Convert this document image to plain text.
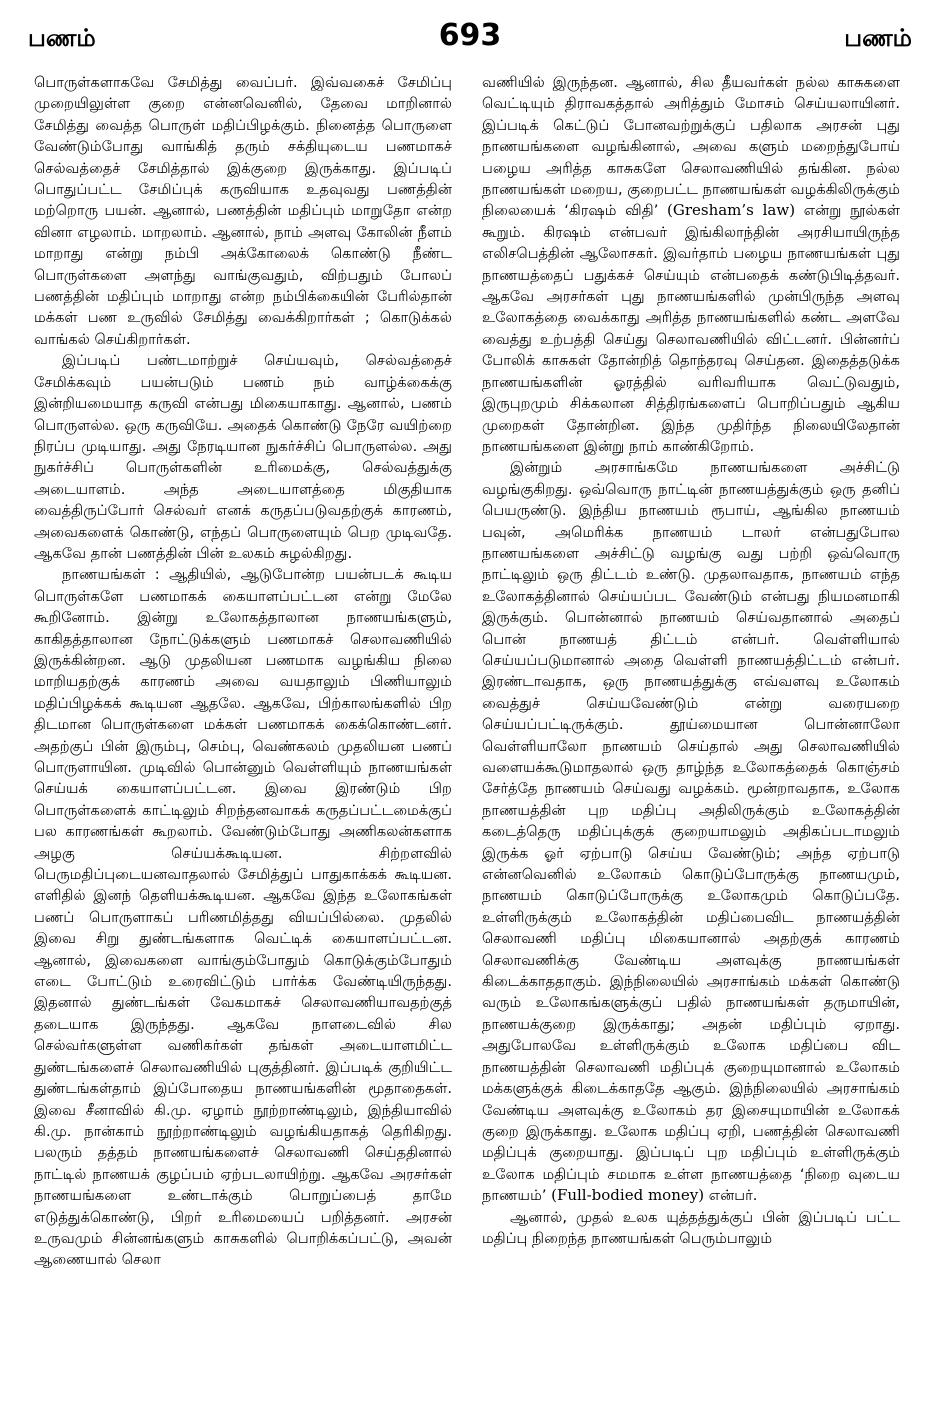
பணம்	693	பணம்

பொருள்களாகவே சேமித்து வைப்பர். இவ்வகைச் சேமிப்பு முறையிலுள்ள குறை என்னவெனில், தேவை மாறினால் சேமித்து வைத்த பொருள் மதிப்பிழக்கும். நினைத்த பொருளை வேண்டும்போது வாங்கித் தரும் சக்தியுடைய பணமாகச் செல்வத்தைச் சேமித்தால் இக்குறை இருக்காது. இப்படிப் பொதுப்பட்ட சேமிப்புக் கருவியாக உதவுவது பணத்தின் மற்றொரு பயன். ஆனால், பணத்தின் மதிப்பும் மாறுதோ என்ற வினா எழலாம். மாறலாம். ஆனால், நாம் அளவு கோலின் நீளம் மாறாது என்று நம்பி அக்கோலைக் கொண்டு நீண்ட பொருள்களை அளந்து வாங்குவதும், விற்பதும் போலப் பணத்தின் மதிப்பும் மாறாது என்ற நம்பிக்கையின் பேரில்தான் மக்கள் பண உருவில் சேமித்து வைக்கிறார்கள் ; கொடுக்கல் வாங்கல் செய்கிறார்கள்.

இப்படிப் பண்டமாற்றுச் செய்யவும், செல்வத்தைச் சேமிக்கவும் பயன்படும் பணம் நம் வாழ்க்கைக்கு இன்றியமையாத கருவி என்பது மிகையாகாது. ஆனால், பணம் பொருளல்ல. ஒரு கருவியே. அதைக் கொண்டு நேரே வயிற்றை நிரப்ப முடியாது. அது நேரடியான நுகர்ச்சிப் பொருளல்ல. அது நுகர்ச்சிப் பொருள்களின் உரிமைக்கு, செல்வத்துக்கு அடையாளம். அந்த அடையாளத்தை மிகுதியாக வைத்திருப்போர் செல்வர் எனக் கருதப்படுவதற்குக் காரணம், அவைகளைக் கொண்டு, எந்தப் பொருளையும் பெற முடிவதே. ஆகவே தான் பணத்தின் பின் உலகம் சுழல்கிறது.

நாணயங்கள் : ஆதியில், ஆடுபோன்ற பயன்படக் கூடிய பொருள்களே பணமாகக் கையாளப்பட்டன என்று மேலே கூறினோம். இன்று உலோகத்தாலான நாணயங்களும், காகிதத்தாலான நோட்டுக்களும் பணமாகச் செலாவணியில் இருக்கின்றன. ஆடு முதலியன பணமாக வழங்கிய நிலை மாறியதற்குக் காரணம் அவை வயதாலும் பிணியாலும் மதிப்பிழக்கக் கூடியன ஆதலே. ஆகவே, பிற்காலங்களில் பிற திடமான பொருள்களை மக்கள் பணமாகக் கைக்கொண்டனர். அதற்குப் பின் இரும்பு, செம்பு, வெண்கலம் முதலியன பணப் பொருளாயின. முடிவில் பொன்னும் வெள்ளியும் நாணயங்கள் செய்யக் கையாளப்பட்டன. இவை இரண்டும் பிற பொருள்களைக் காட்டிலும் சிறந்தனவாகக் கருதப்பட்டமைக்குப் பல காரணங்கள் கூறலாம். வேண்டும்போது அணிகலன்களாக அழகு செய்யக்கூடியன. சிற்றளவில் பெருமதிப்புடையனவாதலால் சேமித்துப் பாதுகாக்கக் கூடியன. எளிதில் இனந் தெளியக்கூடியன. ஆகவே இந்த உலோகங்கள் பணப் பொருளாகப் பரிணமித்தது வியப்பில்லை. முதலில் இவை சிறு துண்டங்களாக வெட்டிக் கையாளப்பட்டன. ஆனால், இவைகளை வாங்கும்போதும் கொடுக்கும்போதும் எடை போட்டும் உரைவிட்டும் பார்க்க வேண்டியிருந்தது. இதனால் துண்டங்கள் வேகமாகச் செலாவணியாவதற்குத் தடையாக இருந்தது. ஆகவே நாளடைவில் சில செல்வர்களுள்ள வணிகர்கள் தங்கள் அடையாளமிட்ட துண்டங்களைச் செலாவணியில் புகுத்தினர். இப்படிக் குறியிட்ட துண்டங்கள்தாம் இப்போதைய நாணயங்களின் மூதாதைகள். இவை சீனாவில் கி.மு. ஏழாம் நூற்றாண்டிலும், இந்தியாவில் கி.மு. நான்காம் நூற்றாண்டிலும் வழங்கியதாகத் தெரிகிறது. பலரும் தத்தம் நாணயங்களைச் செலாவணி செய்ததினால் நாட்டில் நாணயக் குழப்பம் ஏற்படலாயிற்று. ஆகவே அரசர்கள் நாணயங்களை உண்டாக்கும் பொறுப்பைத் தாமே எடுத்துக்கொண்டு, பிறர் உரிமையைப் பறித்தனர். அரசன் உருவமும் சின்னங்களும் காசுகளில் பொறிக்கப்பட்டு, அவன் ஆணையால் செலா

வணியில் இருந்தன. ஆனால், சில தீயவர்கள் நல்ல காசுகளை வெட்டியும் திராவகத்தால் அரித்தும் மோசம் செய்யலாயினர். இப்படிக் கெட்டுப் போனவற்றுக்குப் பதிலாக அரசன் புது நாணயங்களை வழங்கினால், அவை களும் மறைந்துபோய் பழைய அரித்த காசுகளே செலாவணியில் தங்கின. நல்ல நாணயங்கள் மறைய, குறைபட்ட நாணயங்கள் வழக்கிலிருக்கும் நிலையைக் ‘கிரஷம் விதி’ (Gresham’s law) என்று நூல்கள் கூறும். கிரஷம் என்பவர் இங்கிலாந்தின் அரசியாயிருந்த எலிசபெத்தின் ஆலோசகர். இவர்தாம் பழைய நாணயங்கள் புது நாணயத்தைப் பதுக்கச் செய்யும் என்பதைக் கண்டுபிடித்தவர். ஆகவே அரசர்கள் புது நாணயங்களில் முன்பிருந்த அளவு உலோகத்தை வைக்காது அரித்த நாணயங்களில் கண்ட அளவே வைத்து உற்பத்தி செய்து செலாவணியில் விட்டனர். பின்னர்ப் போலிக் காசுகள் தோன்றித் தொந்தரவு செய்தன. இதைத்தடுக்க நாணயங்களின் ஓரத்தில் வரிவரியாக வெட்டுவதும், இருபுறமும் சிக்கலான சித்திரங்களைப் பொறிப்பதும் ஆகிய முறைகள் தோன்றின. இந்த முதிர்ந்த நிலையிலேதான் நாணயங்களை இன்று நாம் காண்கிறோம்.

இன்றும் அரசாங்கமே நாணயங்களை அச்சிட்டு வழங்குகிறது. ஒவ்வொரு நாட்டின் நாணயத்துக்கும் ஒரு தனிப் பெயருண்டு. இந்திய நாணயம் ரூபாய், ஆங்கில நாணயம் பவுன், அமெரிக்க நாணயம் டாலர் என்பதுபோல நாணயங்களை அச்சிட்டு வழங்கு வது பற்றி ஒவ்வொரு நாட்டிலும் ஒரு திட்டம் உண்டு. முதலாவதாக, நாணயம் எந்த உலோகத்தினால் செய்யப்பட வேண்டும் என்பது நியமனமாகி இருக்கும். பொன்னால் நாணயம் செய்வதானால் அதைப் பொன் நாணயத் திட்டம் என்பர். வெள்ளியால் செய்யப்படுமானால் அதை வெள்ளி நாணயத்திட்டம் என்பர். இரண்டாவதாக, ஒரு நாணயத்துக்கு எவ்வளவு உலோகம் வைத்துச் செய்யவேண்டும் என்று வரையறை செய்யப்பட்டிருக்கும். தூய்மையான பொன்னாலோ வெள்ளியாலோ நாணயம் செய்தால் அது செலாவணியில் வளையக்கூடுமாதலால் ஒரு தாழ்ந்த உலோகத்தைக் கொஞ்சம் சேர்த்தே நாணயம் செய்வது வழக்கம். மூன்றாவதாக, உலோக நாணயத்தின் புற மதிப்பு அதிலிருக்கும் உலோகத்தின் கடைத்தெரு மதிப்புக்குக் குறையாமலும் அதிகப்படாமலும் இருக்க ஓர் ஏற்பாடு செய்ய வேண்டும்; அந்த ஏற்பாடு என்னவெனில் உலோகம் கொடுப்போருக்கு நாணயமும், நாணயம் கொடுப்போருக்கு உலோகமும் கொடுப்பதே. உள்ளிருக்கும் உலோகத்தின் மதிப்பைவிட நாணயத்தின் செலாவணி மதிப்பு மிகையானால் அதற்குக் காரணம் செலாவணிக்கு வேண்டிய அளவுக்கு நாணயங்கள் கிடைக்காததாகும். இந்நிலையில் அரசாங்கம் மக்கள் கொண்டு வரும் உலோகங்களுக்குப் பதில் நாணயங்கள் தருமாயின், நாணயக்குறை இருக்காது; அதன் மதிப்பும் ஏறாது. அதுபோலவே உள்ளிருக்கும் உலோக மதிப்பை விட நாணயத்தின் செலாவணி மதிப்புக் குறையுமானால் உலோகம் மக்களுக்குக் கிடைக்காததே ஆகும். இந்நிலையில் அரசாங்கம் வேண்டிய அளவுக்கு உலோகம் தர இசையுமாயின் உலோகக் குறை இருக்காது. உலோக மதிப்பு ஏறி, பணத்தின் செலாவணி மதிப்புக் குறையாது. இப்படிப் புற மதிப்பும் உள்ளிருக்கும் உலோக மதிப்பும் சமமாக உள்ள நாணயத்தை ‘நிறை வுடைய நாணயம்’ (Full-bodied money) என்பர்.

ஆனால், முதல் உலக யுத்தத்துக்குப் பின் இப்படிப் பட்ட மதிப்பு நிறைந்த நாணயங்கள் பெரும்பாலும்
